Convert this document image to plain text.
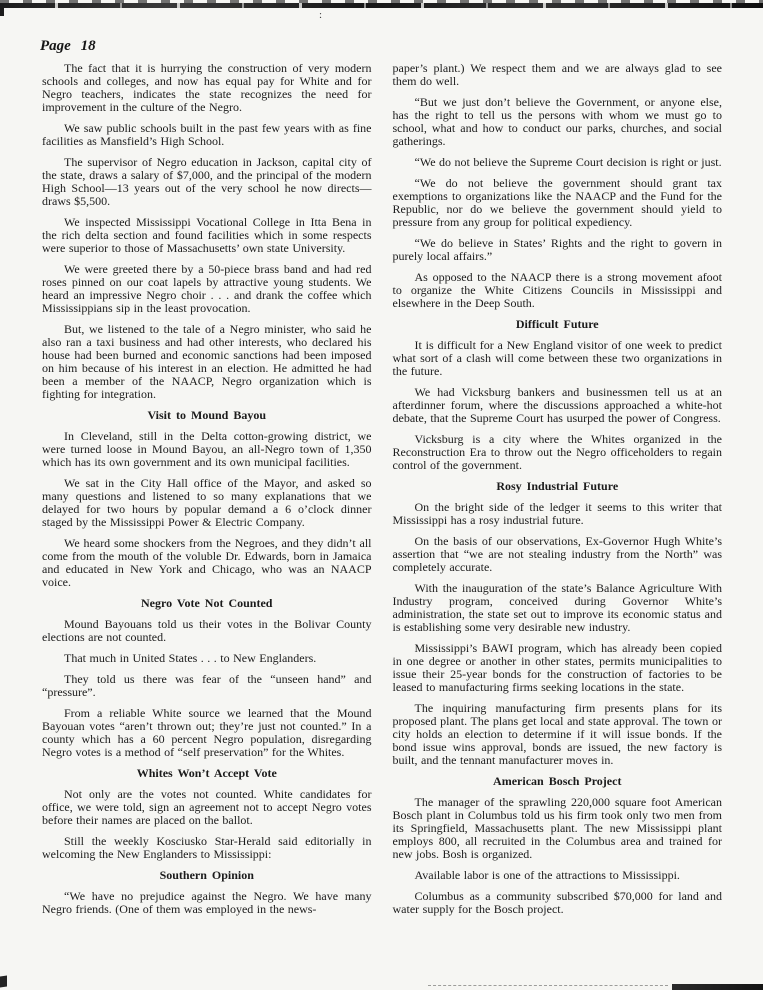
:
Page 18

The fact that it is hurrying the construction of very modern schools and colleges, and now has equal pay for White and for Negro teachers, indicates the state recognizes the need for improvement in the culture of the Negro.

We saw public schools built in the past few years with as fine facilities as Mansfield’s High School.

The supervisor of Negro education in Jackson, capital city of the state, draws a salary of $7,000, and the principal of the modern High School—13 years out of the very school he now directs—draws $5,500.

We inspected Mississippi Vocational College in Itta Bena in the rich delta section and found facilities which in some respects were superior to those of Massachusetts’ own state University.

We were greeted there by a 50-piece brass band and had red roses pinned on our coat lapels by attractive young students. We heard an impressive Negro choir . . . and drank the coffee which Mississippians sip in the least provocation.

But, we listened to the tale of a Negro minister, who said he also ran a taxi business and had other interests, who declared his house had been burned and economic sanctions had been imposed on him because of his interest in an election. He admitted he had been a member of the NAACP, Negro organization which is fighting for integration.

Visit to Mound Bayou

In Cleveland, still in the Delta cotton-growing district, we were turned loose in Mound Bayou, an all-Negro town of 1,350 which has its own government and its own municipal facilities.

We sat in the City Hall office of the Mayor, and asked so many questions and listened to so many explanations that we delayed for two hours by popular demand a 6 o’clock dinner staged by the Mississippi Power & Electric Company.

We heard some shockers from the Negroes, and they didn’t all come from the mouth of the voluble Dr. Edwards, born in Jamaica and educated in New York and Chicago, who was an NAACP voice.

Negro Vote Not Counted

Mound Bayouans told us their votes in the Bolivar County elections are not counted.

That much in United States . . . to New Englanders.

They told us there was fear of the “unseen hand” and “pressure”.

From a reliable White source we learned that the Mound Bayouan votes “aren’t thrown out; they’re just not counted.” In a county which has a 60 percent Negro population, disregarding Negro votes is a method of “self preservation” for the Whites.

Whites Won’t Accept Vote

Not only are the votes not counted. White candidates for office, we were told, sign an agreement not to accept Negro votes before their names are placed on the ballot.

Still the weekly Kosciusko Star-Herald said editorially in welcoming the New Englanders to Mississippi:

Southern Opinion

“We have no prejudice against the Negro. We have many Negro friends. (One of them was employed in the news-

paper’s plant.) We respect them and we are always glad to see them do well.

“But we just don’t believe the Government, or anyone else, has the right to tell us the persons with whom we must go to school, what and how to conduct our parks, churches, and social gatherings.

“We do not believe the Supreme Court decision is right or just.

“We do not believe the government should grant tax exemptions to organizations like the NAACP and the Fund for the Republic, nor do we believe the government should yield to pressure from any group for political expediency.

“We do believe in States’ Rights and the right to govern in purely local affairs.”

As opposed to the NAACP there is a strong movement afoot to organize the White Citizens Councils in Mississippi and elsewhere in the Deep South.

Difficult Future

It is difficult for a New England visitor of one week to predict what sort of a clash will come between these two organizations in the future.

We had Vicksburg bankers and businessmen tell us at an afterdinner forum, where the discussions approached a white-hot debate, that the Supreme Court has usurped the power of Congress.

Vicksburg is a city where the Whites organized in the Reconstruction Era to throw out the Negro officeholders to regain control of the government.

Rosy Industrial Future

On the bright side of the ledger it seems to this writer that Mississippi has a rosy industrial future.

On the basis of our observations, Ex-Governor Hugh White’s assertion that “we are not stealing industry from the North” was completely accurate.

With the inauguration of the state’s Balance Agriculture With Industry program, conceived during Governor White’s administration, the state set out to improve its economic status and is establishing some very desirable new industry.

Mississippi’s BAWI program, which has already been copied in one degree or another in other states, permits municipalities to issue their 25-year bonds for the construction of factories to be leased to manufacturing firms seeking locations in the state.

The inquiring manufacturing firm presents plans for its proposed plant. The plans get local and state approval. The town or city holds an election to determine if it will issue bonds. If the bond issue wins approval, bonds are issued, the new factory is built, and the tennant manufacturer moves in.

American Bosch Project

The manager of the sprawling 220,000 square foot American Bosch plant in Columbus told us his firm took only two men from its Springfield, Massachusetts plant. The new Mississippi plant employs 800, all recruited in the Columbus area and trained for new jobs. Bosh is organized.

Available labor is one of the attractions to Mississippi.

Columbus as a community subscribed $70,000 for land and water supply for the Bosch project.
